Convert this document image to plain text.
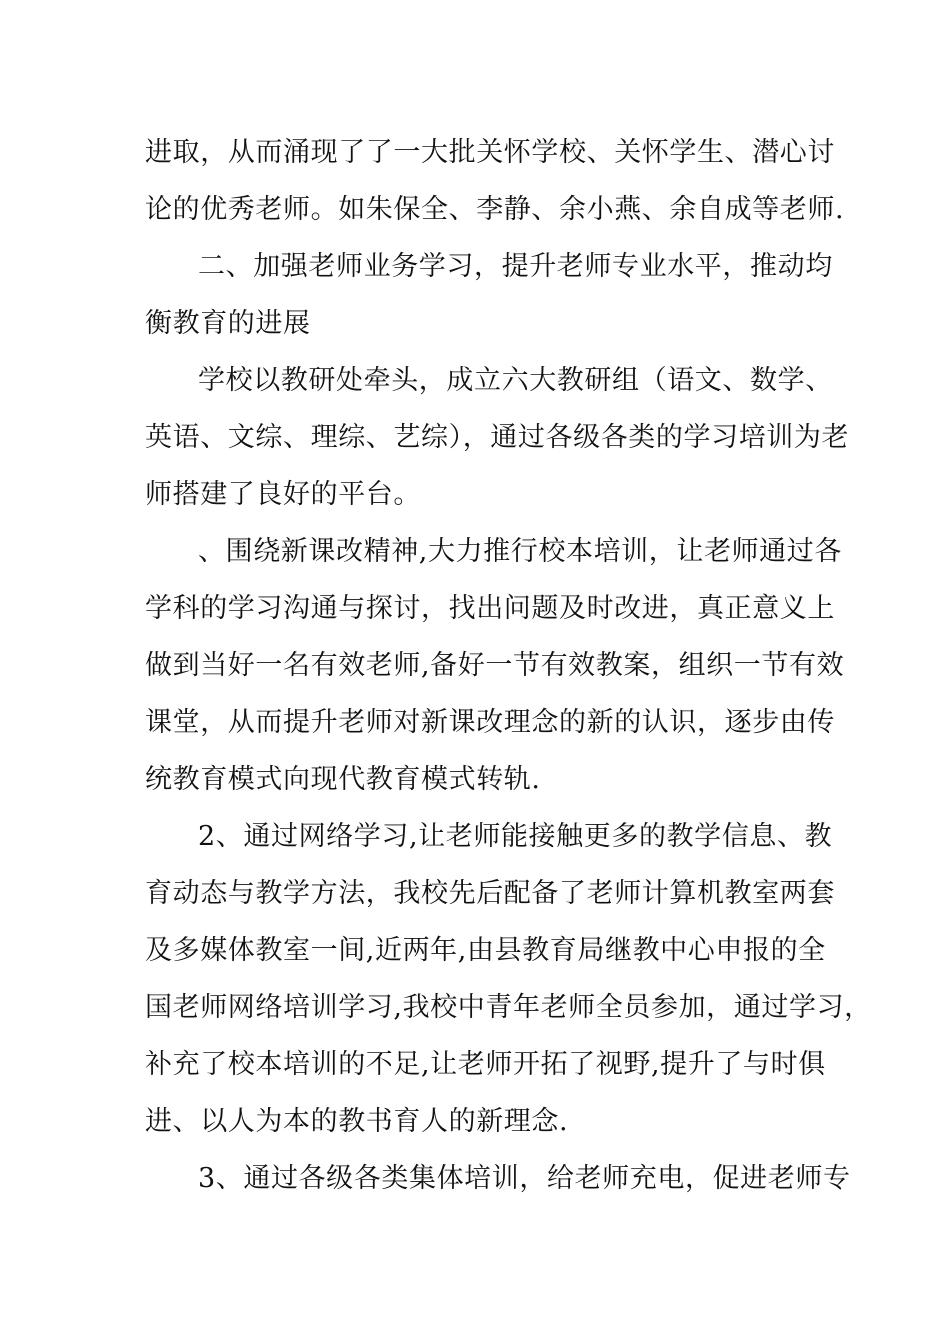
进取，从而涌现了了一大批关怀学校、关怀学生、潜心讨
论的优秀老师。如朱保全、李静、余小燕、余自成等老师.
二、加强老师业务学习，提升老师专业水平，推动均
衡教育的进展
学校以教研处牵头，成立六大教研组（语文、数学、
英语、文综、理综、艺综），通过各级各类的学习培训为老
师搭建了良好的平台。
、围绕新课改精神,大力推行校本培训，让老师通过各
学科的学习沟通与探讨，找出问题及时改进，真正意义上
做到当好一名有效老师,备好一节有效教案，组织一节有效
课堂，从而提升老师对新课改理念的新的认识，逐步由传
统教育模式向现代教育模式转轨.
2、通过网络学习,让老师能接触更多的教学信息、教
育动态与教学方法，我校先后配备了老师计算机教室两套
及多媒体教室一间,近两年,由县教育局继教中心申报的全
国老师网络培训学习,我校中青年老师全员参加，通过学习，
补充了校本培训的不足,让老师开拓了视野,提升了与时俱
进、以人为本的教书育人的新理念.
3、通过各级各类集体培训，给老师充电，促进老师专
